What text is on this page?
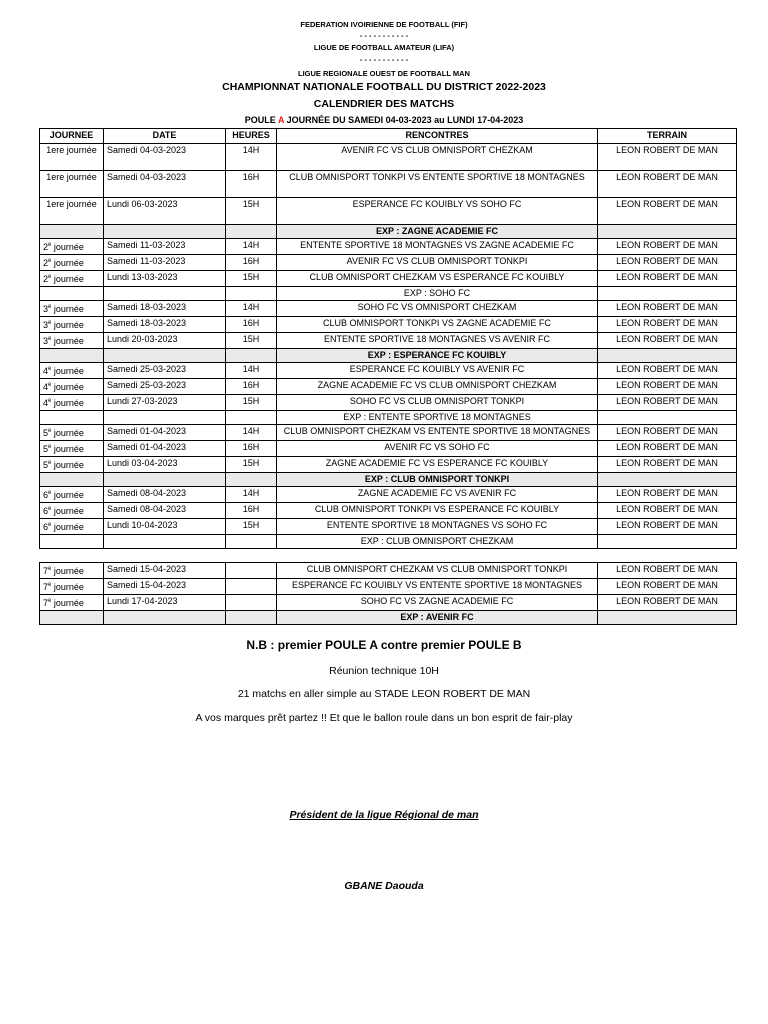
FEDERATION IVOIRIENNE DE FOOTBALL (FIF)
- - - - - - - - - - -
LIGUE DE FOOTBALL AMATEUR (LIFA)
- - - - - - - - - - -
LIGUE REGIONALE OUEST DE FOOTBALL MAN
CHAMPIONNAT NATIONALE FOOTBALL DU DISTRICT 2022-2023
CALENDRIER DES MATCHS
POULE A JOURNÉE DU SAMEDI 04-03-2023 au LUNDI 17-04-2023
JOURNEE	DATE	HEURES	RENCONTRES	TERRAIN
1ere journée	Samedi 04-03-2023	14H	AVENIR FC VS CLUB OMNISPORT CHEZKAM	LEON ROBERT DE MAN
1ere journée	Samedi 04-03-2023	16H	CLUB OMNISPORT TONKPI VS ENTENTE SPORTIVE 18 MONTAGNES	LEON ROBERT DE MAN
1ere journée	Lundi 06-03-2023	15H	ESPERANCE FC KOUIBLY VS SOHO FC	LEON ROBERT DE MAN
			EXP : ZAGNE ACADEMIE FC	
2e journée	Samedi 11-03-2023	14H	ENTENTE SPORTIVE 18 MONTAGNES VS ZAGNE ACADEMIE FC	LEON ROBERT DE MAN
2e journée	Samedi 11-03-2023	16H	AVENIR FC VS CLUB OMNISPORT TONKPI	LEON ROBERT DE MAN
2e journée	Lundi 13-03-2023	15H	CLUB OMNISPORT CHEZKAM VS ESPERANCE FC KOUIBLY	LEON ROBERT DE MAN
			EXP : SOHO FC	
3e journée	Samedi 18-03-2023	14H	SOHO FC VS OMNISPORT CHEZKAM	LEON ROBERT DE MAN
3e journée	Samedi 18-03-2023	16H	CLUB OMNISPORT TONKPI VS ZAGNE ACADEMIE FC	LEON ROBERT DE MAN
3e journée	Lundi 20-03-2023	15H	ENTENTE SPORTIVE 18 MONTAGNES VS AVENIR FC	LEON ROBERT DE MAN
			EXP : ESPERANCE FC KOUIBLY	
4e journée	Samedi 25-03-2023	14H	ESPERANCE FC KOUIBLY VS AVENIR FC	LEON ROBERT DE MAN
4e journée	Samedi 25-03-2023	16H	ZAGNE ACADEMIE FC VS CLUB OMNISPORT CHEZKAM	LEON ROBERT DE MAN
4e journée	Lundi 27-03-2023	15H	SOHO FC VS CLUB OMNISPORT TONKPI	LEON ROBERT DE MAN
			EXP : ENTENTE SPORTIVE 18 MONTAGNES	
5e journée	Samedi 01-04-2023	14H	CLUB OMNISPORT CHEZKAM VS ENTENTE SPORTIVE 18 MONTAGNES	LEON ROBERT DE MAN
5e journée	Samedi 01-04-2023	16H	AVENIR FC VS SOHO FC	LEON ROBERT DE MAN
5e journée	Lundi 03-04-2023	15H	ZAGNE ACADEMIE FC VS ESPERANCE FC KOUIBLY	LEON ROBERT DE MAN
			EXP : CLUB OMNISPORT TONKPI	
6e journée	Samedi 08-04-2023	14H	ZAGNE ACADEMIE FC VS AVENIR FC	LEON ROBERT DE MAN
6e journée	Samedi 08-04-2023	16H	CLUB OMNISPORT TONKPI VS ESPERANCE FC KOUIBLY	LEON ROBERT DE MAN
6e journée	Lundi 10-04-2023	15H	ENTENTE SPORTIVE 18 MONTAGNES VS SOHO FC	LEON ROBERT DE MAN
			EXP : CLUB OMNISPORT CHEZKAM	
7e journée	Samedi 15-04-2023		CLUB OMNISPORT CHEZKAM VS CLUB OMNISPORT TONKPI	LEON ROBERT DE MAN
7e journée	Samedi 15-04-2023		ESPERANCE FC KOUIBLY VS ENTENTE SPORTIVE 18 MONTAGNES	LEON ROBERT DE MAN
7e journée	Lundi 17-04-2023		SOHO FC VS ZAGNE ACADEMIE FC	LEON ROBERT DE MAN
			EXP : AVENIR FC	
N.B : premier POULE A contre premier POULE B
Réunion technique 10H
21 matchs en aller simple au STADE LEON ROBERT DE MAN
A vos marques prêt partez !! Et que le ballon roule dans un bon esprit de fair-play
Président de la ligue Régional de man
GBANE Daouda
